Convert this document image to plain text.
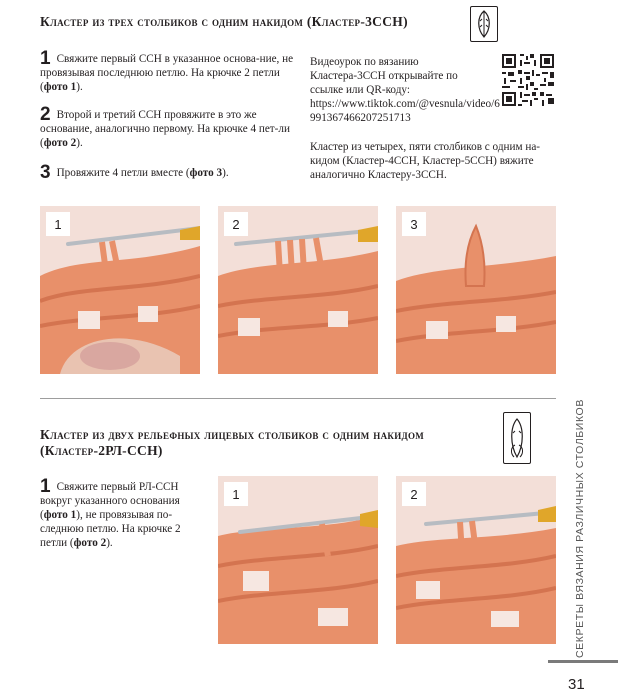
Кластер из трех столбиков с одним накидом (Кластер-3ССН)
1 Свяжите первый ССН в указанное основа-ние, не провязывая последнюю петлю. На крючке 2 петли (фото 1).
2 Второй и третий ССН провяжите в это же основание, аналогично первому. На крючке 4 пет-ли (фото 2).
3 Провяжите 4 петли вместе (фото 3).
Видеоурок по вязанию Кластера-3ССН открывайте по ссылке или QR-коду:
https://www.tiktok.com/@vesnula/video/6991367466207251713
Кластер из четырех, пяти столбиков с одним на-кидом (Кластер-4ССН, Кластер-5ССН) вяжите аналогично Кластеру-3ССН.
1	2	3
Кластер из двух рельефных лицевых столбиков с одним накидом
(Кластер-2РЛ-ССН)
1 Свяжите первый РЛ-ССН вокруг указанного основания (фото 1), не провязывая по-следнюю петлю. На крючке 2 петли (фото 2).
1	2	СЕКРЕТЫ ВЯЗАНИЯ РАЗЛИЧНЫХ СТОЛБИКОВ
31
